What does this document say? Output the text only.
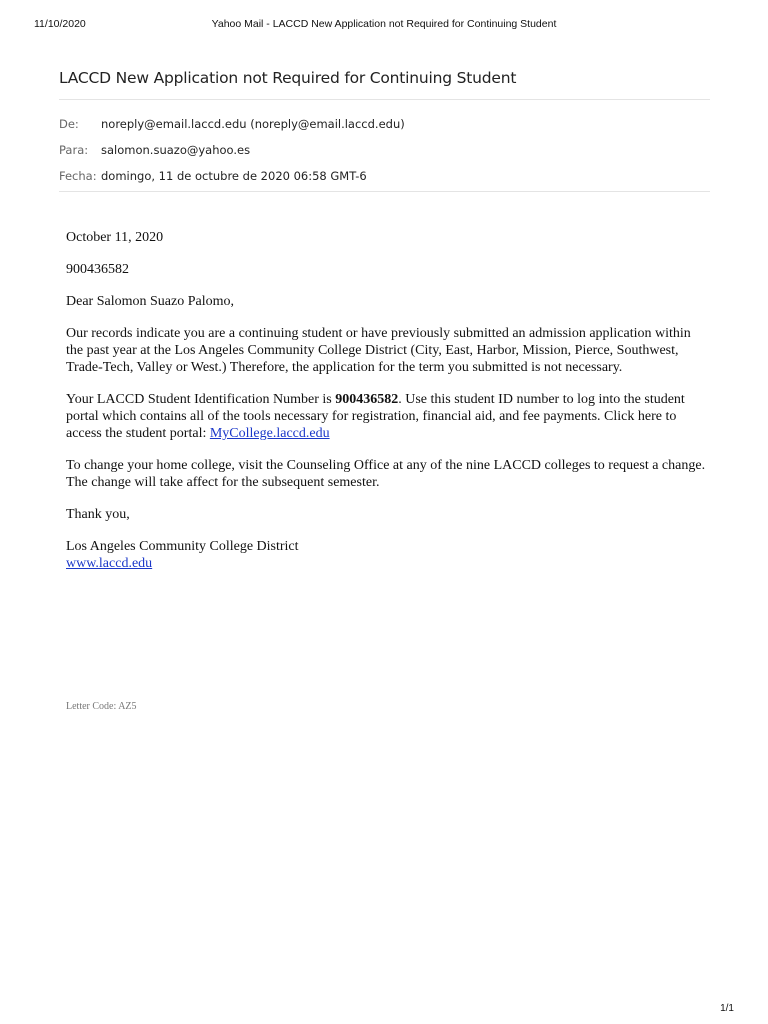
11/10/2020	Yahoo Mail - LACCD New Application not Required for Continuing Student
LACCD New Application not Required for Continuing Student
De:	noreply@email.laccd.edu (noreply@email.laccd.edu)
Para:	salomon.suazo@yahoo.es
Fecha: domingo, 11 de octubre de 2020 06:58 GMT-6

October 11, 2020

900436582

Dear Salomon Suazo Palomo,

Our records indicate you are a continuing student or have previously submitted an admission application within the past year at the Los Angeles Community College District (City, East, Harbor, Mission, Pierce, Southwest, Trade-Tech, Valley or West.) Therefore, the application for the term you submitted is not necessary.

Your LACCD Student Identification Number is 900436582. Use this student ID number to log into the student portal which contains all of the tools necessary for registration, financial aid, and fee payments. Click here to access the student portal: MyCollege.laccd.edu

To change your home college, visit the Counseling Office at any of the nine LACCD colleges to request a change. The change will take affect for the subsequent semester.

Thank you,

Los Angeles Community College District
www.laccd.edu

Letter Code: AZ5
1/1
